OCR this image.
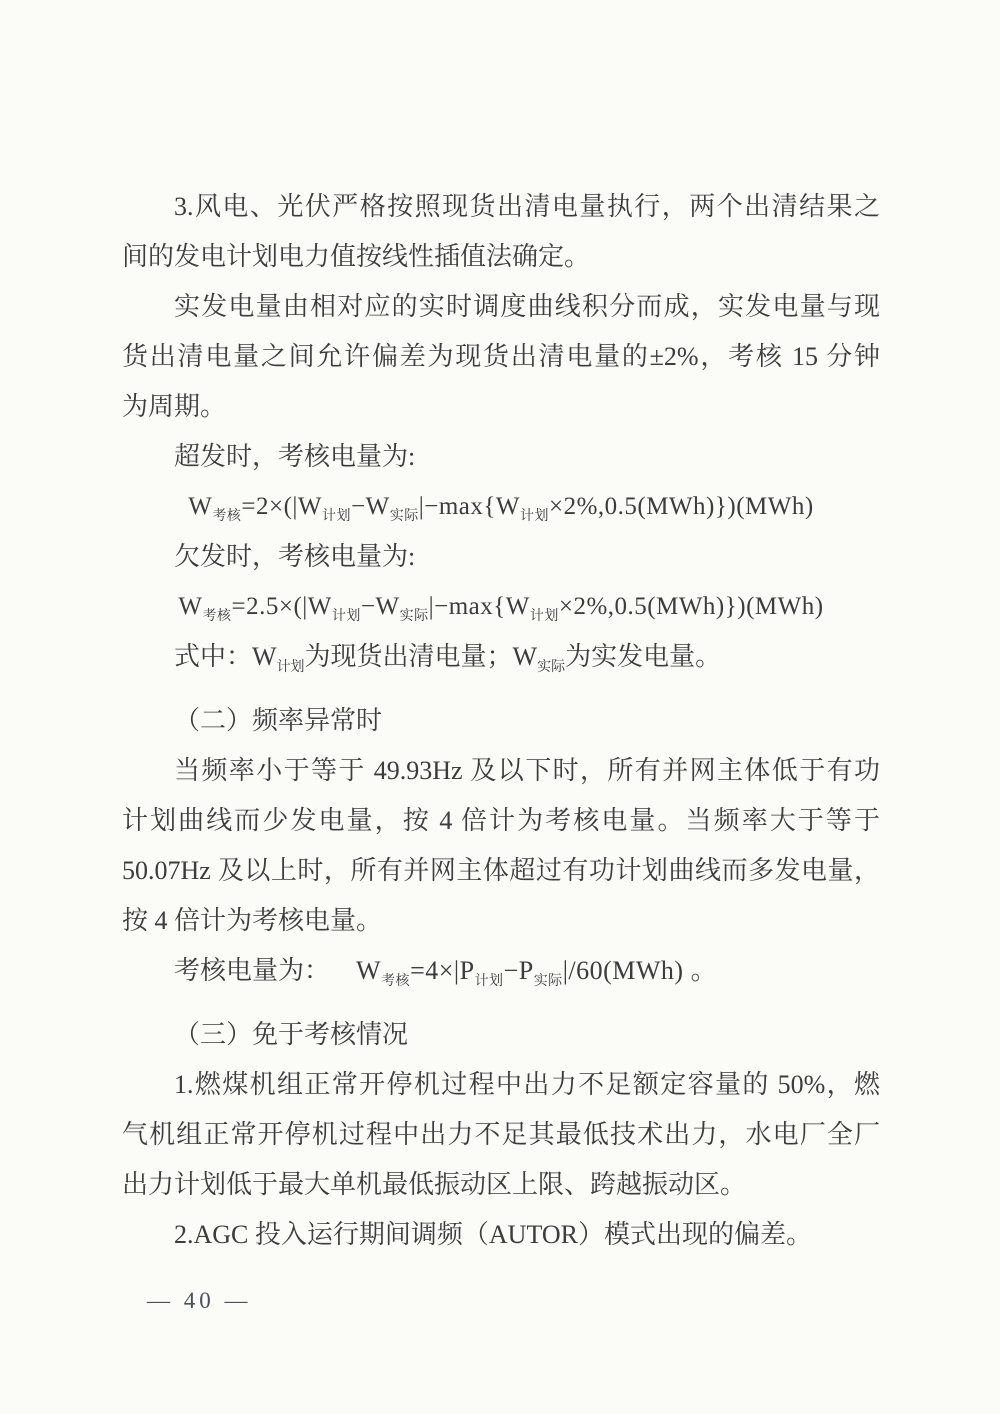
3.风电、光伏严格按照现货出清电量执行，两个出清结果之
间的发电计划电力值按线性插值法确定。
实发电量由相对应的实时调度曲线积分而成，实发电量与现
货出清电量之间允许偏差为现货出清电量的±2%，考核 15 分钟
为周期。
超发时，考核电量为:
$W_{考核}=2\times(|W_{计划}-W_{实际}|-\max\{W_{计划}\times 2\%,0.5(MWh)\})(MWh)$
欠发时，考核电量为:
$W_{考核}=2.5\times(|W_{计划}-W_{实际}|-\max\{W_{计划}\times 2\%,0.5(MWh)\})(MWh)$
式中：$W_{计划}$为现货出清电量；$W_{实际}$为实发电量。
（二）频率异常时
当频率小于等于 49.93Hz 及以下时，所有并网主体低于有功
计划曲线而少发电量，按 4 倍计为考核电量。当频率大于等于
50.07Hz 及以上时，所有并网主体超过有功计划曲线而多发电量，
按 4 倍计为考核电量。
考核电量为： $W_{考核}=4\times|P_{计划}-P_{实际}|/60(MWh)$ 。
（三）免于考核情况
1.燃煤机组正常开停机过程中出力不足额定容量的 50%，燃
气机组正常开停机过程中出力不足其最低技术出力，水电厂全厂
出力计划低于最大单机最低振动区上限、跨越振动区。
2.AGC 投入运行期间调频（AUTOR）模式出现的偏差。
— 40 —
